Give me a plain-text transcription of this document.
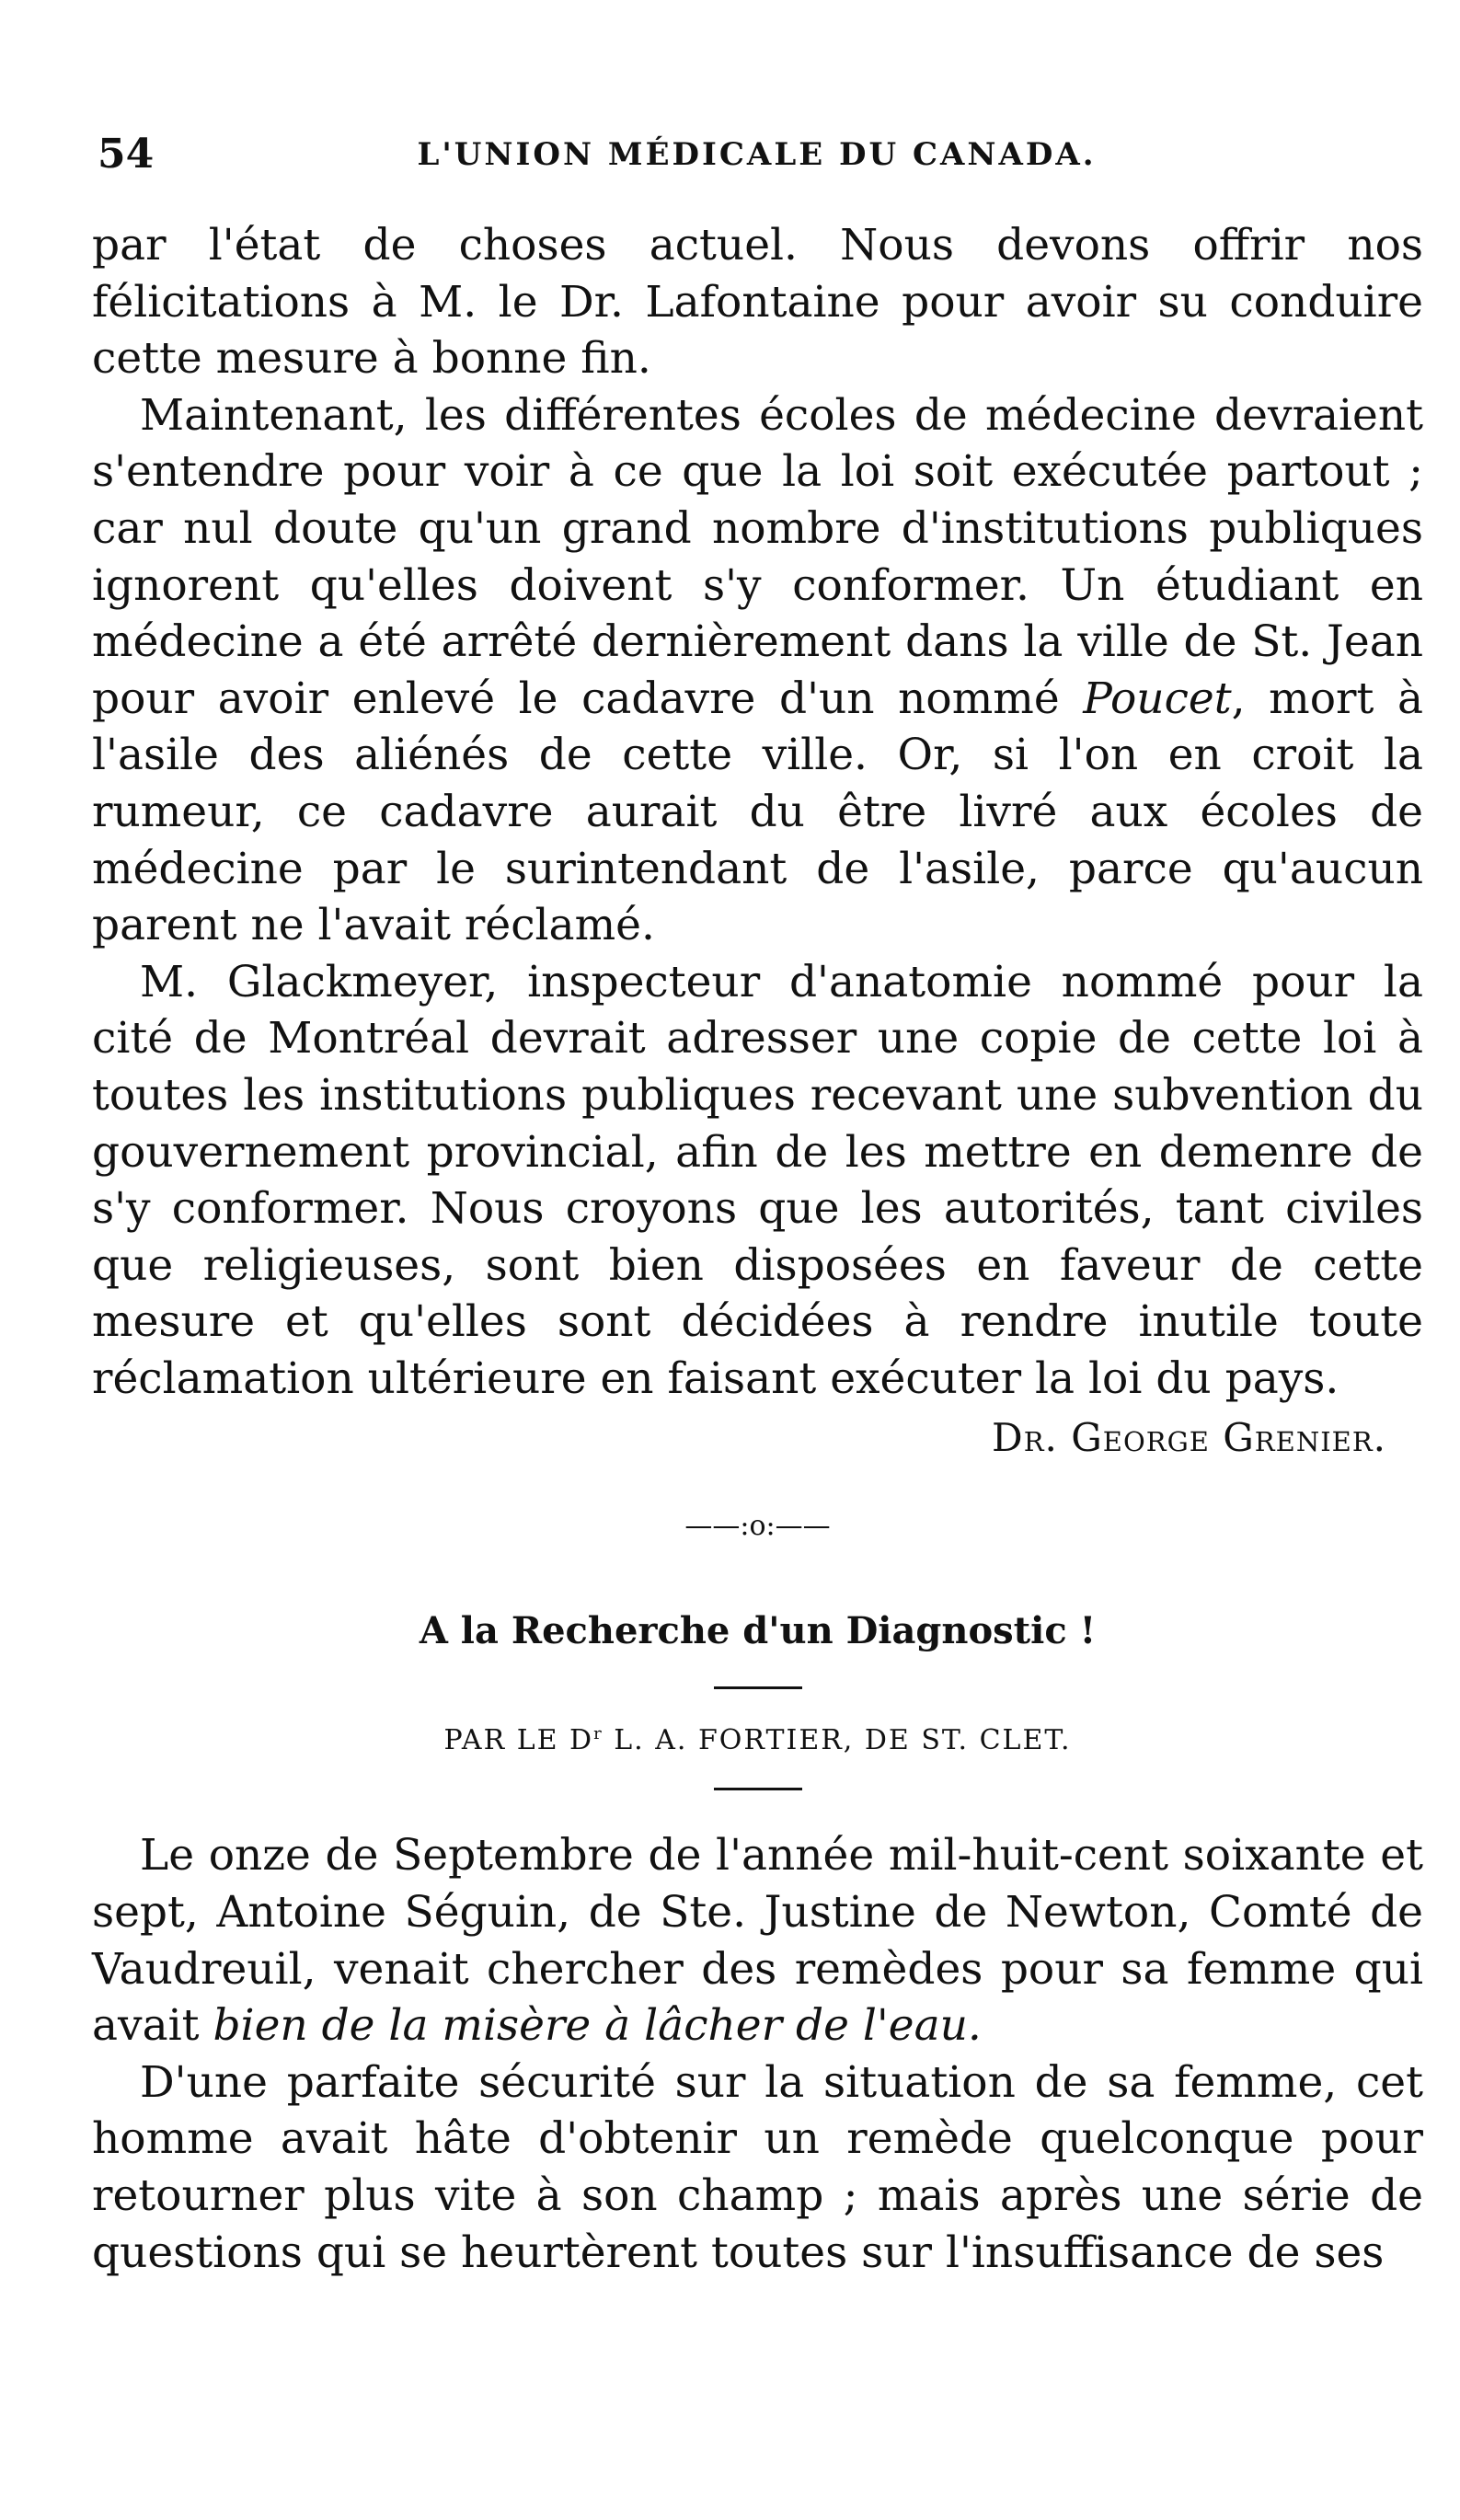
54	L'UNION MÉDICALE DU CANADA.

par l'état de choses actuel. Nous devons offrir nos félicitations à M. le Dr. Lafontaine pour avoir su conduire cette mesure à bonne fin.

Maintenant, les différentes écoles de médecine devraient s'entendre pour voir à ce que la loi soit exécutée partout ; car nul doute qu'un grand nombre d'institutions publiques ignorent qu'elles doivent s'y conformer. Un étudiant en médecine a été arrêté dernièrement dans la ville de St. Jean pour avoir enlevé le cadavre d'un nommé Poucet, mort à l'asile des aliénés de cette ville. Or, si l'on en croit la rumeur, ce cadavre aurait du être livré aux écoles de médecine par le surintendant de l'asile, parce qu'aucun parent ne l'avait réclamé.

M. Glackmeyer, inspecteur d'anatomie nommé pour la cité de Montréal devrait adresser une copie de cette loi à toutes les institutions publiques recevant une subvention du gouvernement provincial, afin de les mettre en demenre de s'y conformer. Nous croyons que les autorités, tant civiles que religieuses, sont bien disposées en faveur de cette mesure et qu'elles sont décidées à rendre inutile toute réclamation ultérieure en faisant exécuter la loi du pays.

Dr. George Grenier.
——:o:——
A la Recherche d'un Diagnostic !
PAR LE $D^r$ L. A. FORTIER, DE ST. CLET.

Le onze de Septembre de l'année mil-huit-cent soixante et sept, Antoine Séguin, de Ste. Justine de Newton, Comté de Vaudreuil, venait chercher des remèdes pour sa femme qui avait bien de la misère à lâcher de l'eau.

D'une parfaite sécurité sur la situation de sa femme, cet homme avait hâte d'obtenir un remède quelconque pour retourner plus vite à son champ ; mais après une série de questions qui se heurtèrent toutes sur l'insuffisance de ses
